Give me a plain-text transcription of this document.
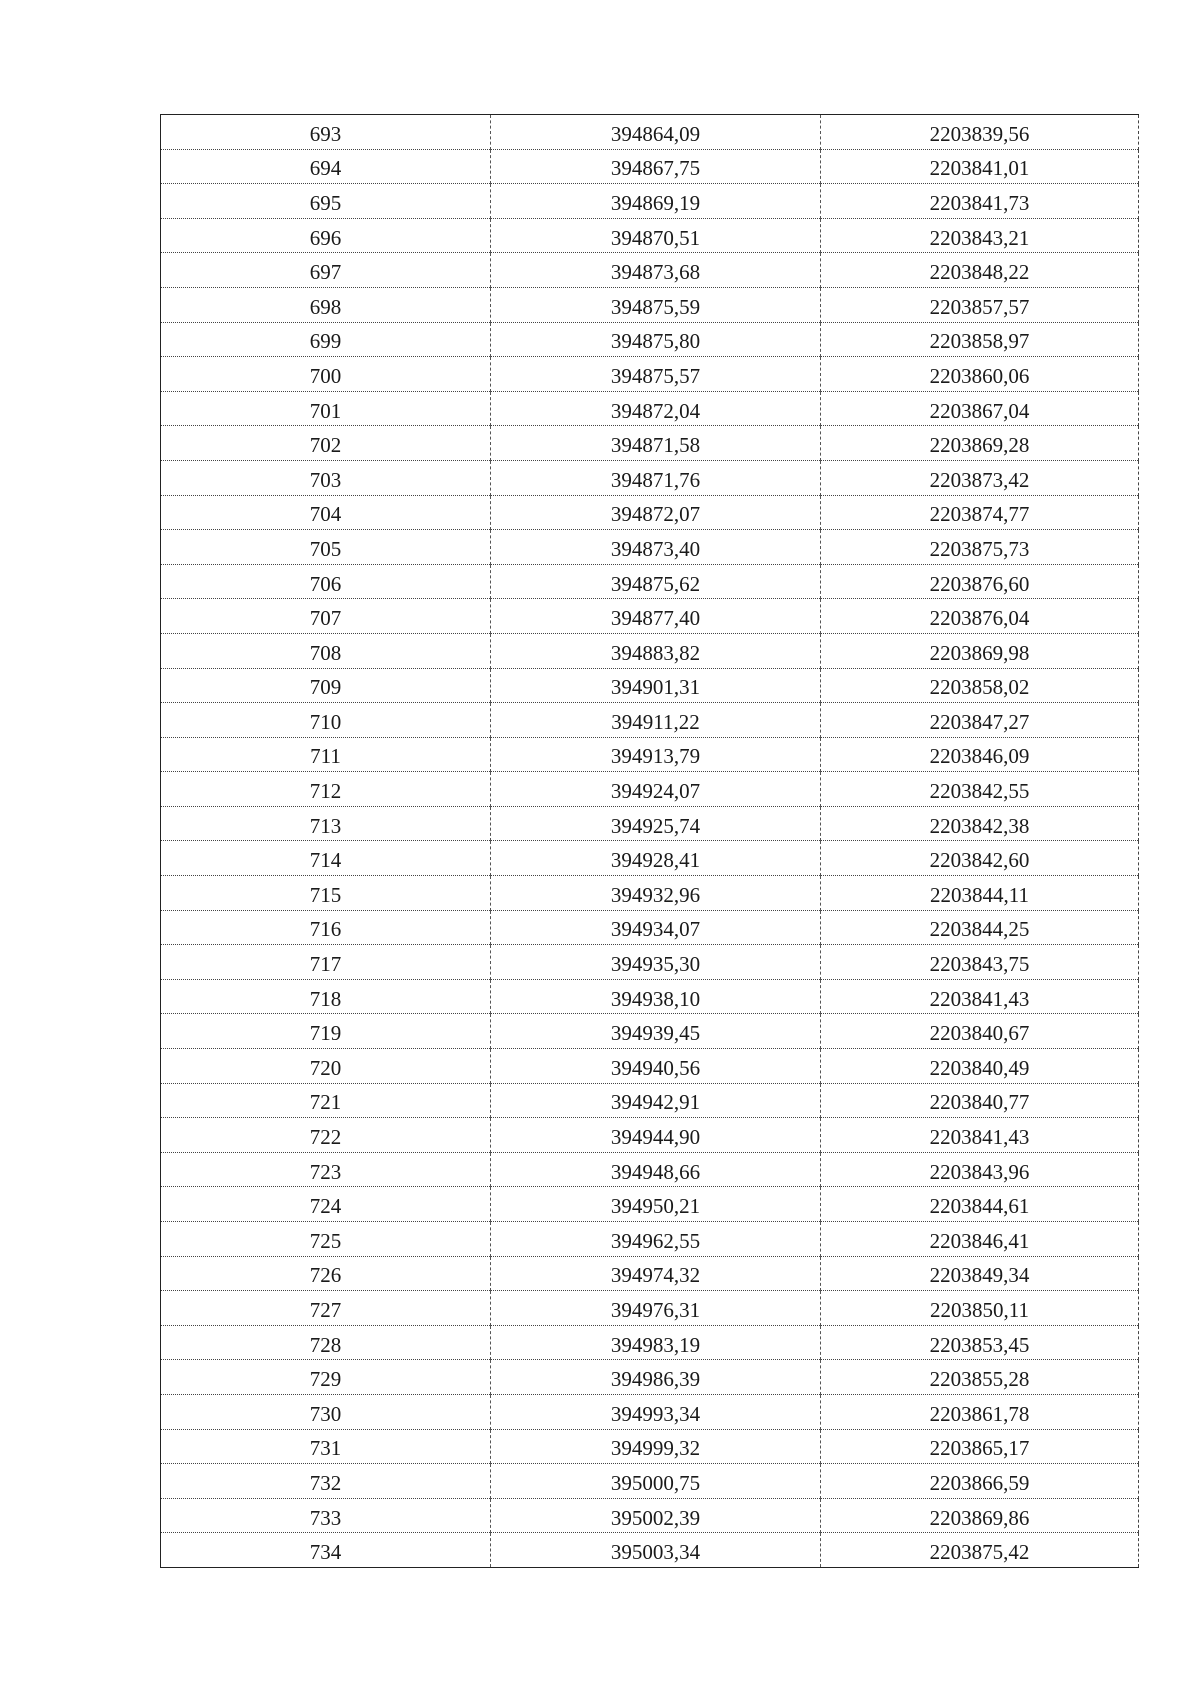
693	394864,09	2203839,56
694	394867,75	2203841,01
695	394869,19	2203841,73
696	394870,51	2203843,21
697	394873,68	2203848,22
698	394875,59	2203857,57
699	394875,80	2203858,97
700	394875,57	2203860,06
701	394872,04	2203867,04
702	394871,58	2203869,28
703	394871,76	2203873,42
704	394872,07	2203874,77
705	394873,40	2203875,73
706	394875,62	2203876,60
707	394877,40	2203876,04
708	394883,82	2203869,98
709	394901,31	2203858,02
710	394911,22	2203847,27
711	394913,79	2203846,09
712	394924,07	2203842,55
713	394925,74	2203842,38
714	394928,41	2203842,60
715	394932,96	2203844,11
716	394934,07	2203844,25
717	394935,30	2203843,75
718	394938,10	2203841,43
719	394939,45	2203840,67
720	394940,56	2203840,49
721	394942,91	2203840,77
722	394944,90	2203841,43
723	394948,66	2203843,96
724	394950,21	2203844,61
725	394962,55	2203846,41
726	394974,32	2203849,34
727	394976,31	2203850,11
728	394983,19	2203853,45
729	394986,39	2203855,28
730	394993,34	2203861,78
731	394999,32	2203865,17
732	395000,75	2203866,59
733	395002,39	2203869,86
734	395003,34	2203875,42
